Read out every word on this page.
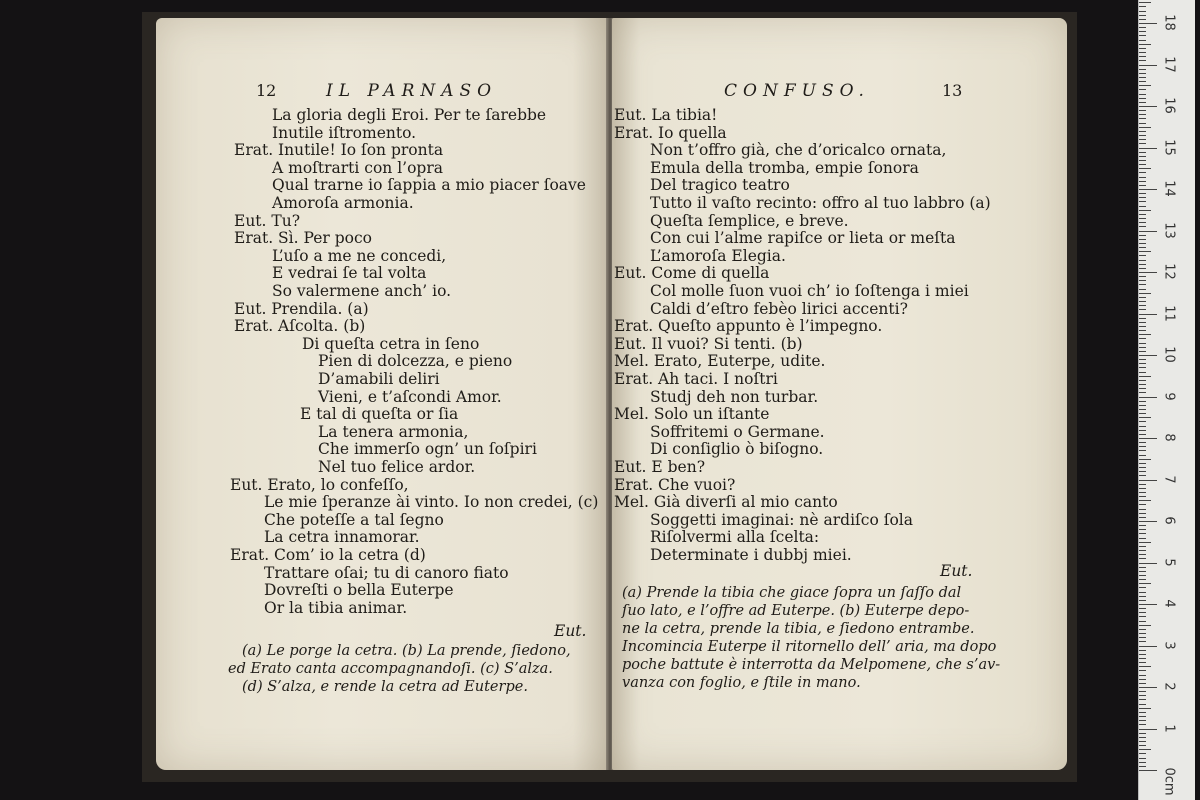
12	IL PARNASO
La gloria degli Eroi. Per te ſarebbe
Inutile iſtromento.
Erat. Inutile! Io ſon pronta
A moſtrarti con l’opra
Qual trarne io ſappia a mio piacer ſoave
Amoroſa armonia.
Eut. Tu?
Erat. Sì. Per poco
L’uſo a me ne concedi,
E vedrai ſe tal volta
So valermene anch’ io.
Eut. Prendila. (a)
Erat. Aſcolta. (b)
Di queſta cetra in ſeno
Pien di dolcezza, e pieno
D’amabili deliri
Vieni, e t’aſcondi Amor.
E tal di queſta or ſia
La tenera armonia,
Che immerſo ogn’ un ſoſpiri
Nel tuo felice ardor.
Eut. Erato, lo confeſſo,
Le mie ſperanze ài vinto. Io non credei, (c)
Che poteſſe a tal ſegno
La cetra innamorar.
Erat. Com’ io la cetra (d)
Trattare oſai; tu di canoro fiato
Dovreſti o bella Euterpe
Or la tibia animar.
Eut.
(a) Le porge la cetra. (b) La prende, ſiedono,
ed Erato canta accompagnandoſi. (c) S’alza.
(d) S’alza, e rende la cetra ad Euterpe.
CONFUSO.	13
Eut. La tibia!
Erat. Io quella
Non t’offro già, che d’oricalco ornata,
Emula della tromba, empie ſonora
Del tragico teatro
Tutto il vaſto recinto: offro al tuo labbro (a)
Queſta ſemplice, e breve.
Con cui l’alme rapiſce or lieta or meſta
L’amoroſa Elegia.
Eut. Come di quella
Col molle ſuon vuoi ch’ io ſoſtenga i miei
Caldi d’eſtro febèo lirici accenti?
Erat. Queſto appunto è l’impegno.
Eut. Il vuoi? Si tenti. (b)
Mel. Erato, Euterpe, udite.
Erat. Ah taci. I noſtri
Studj deh non turbar.
Mel. Solo un iſtante
Soffritemi o Germane.
Di conſiglio ò biſogno.
Eut. E ben?
Erat. Che vuoi?
Mel. Già diverſi al mio canto
Soggetti imaginai: nè ardiſco ſola
Riſolvermi alla ſcelta:
Determinate i dubbj miei.
Eut.
(a) Prende la tibia che giace ſopra un ſaſſo dal
ſuo lato, e l’offre ad Euterpe. (b) Euterpe depo-
ne la cetra, prende la tibia, e ſiedono entrambe.
Incomincia Euterpe il ritornello dell’ aria, ma dopo
poche battute è interrotta da Melpomene, che s’av-
vanza con foglio, e ſtile in mano.
1
2
3
4
5
6
7
8
9
10
11
12
13
14
15
16
17
18
0cm
